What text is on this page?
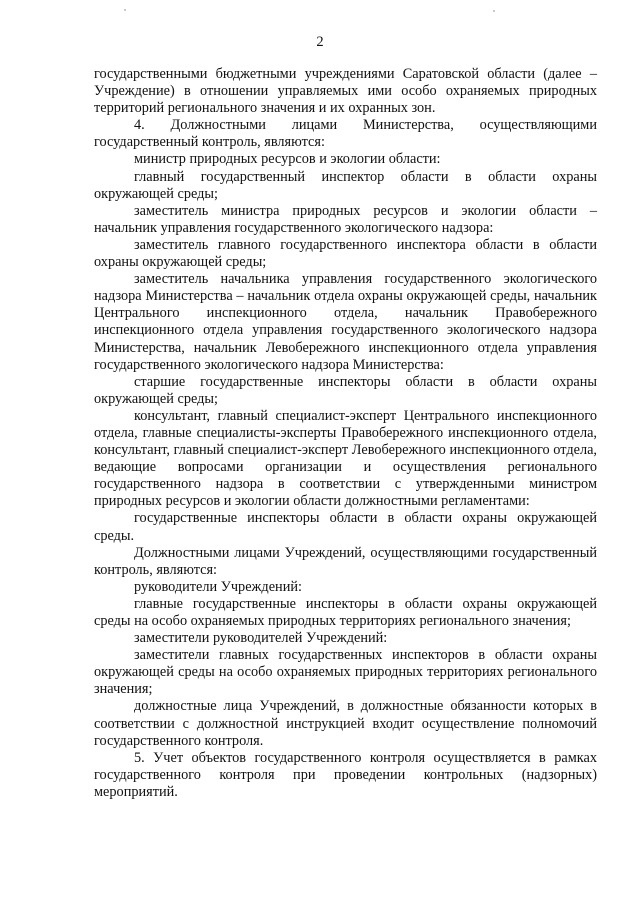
2

государственными бюджетными учреждениями Саратовской области (далее – Учреждение) в отношении управляемых ими особо охраняемых природных территорий регионального значения и их охранных зон.

4. Должностными лицами Министерства, осуществляющими государственный контроль, являются:

министр природных ресурсов и экологии области:

главный государственный инспектор области в области охраны окружающей среды;

заместитель министра природных ресурсов и экологии области – начальник управления государственного экологического надзора:

заместитель главного государственного инспектора области в области охраны окружающей среды;

заместитель начальника управления государственного экологического надзора Министерства – начальник отдела охраны окружающей среды, начальник Центрального инспекционного отдела, начальник Правобережного инспекционного отдела управления государственного экологического надзора Министерства, начальник Левобережного инспекционного отдела управления государственного экологического надзора Министерства:

старшие государственные инспекторы области в области охраны окружающей среды;

консультант, главный специалист-эксперт Центрального инспекционного отдела, главные специалисты-эксперты Правобережного инспекционного отдела, консультант, главный специалист-эксперт Левобережного инспекционного отдела, ведающие вопросами организации и осуществления регионального государственного надзора в соответствии с утвержденными министром природных ресурсов и экологии области должностными регламентами:

государственные инспекторы области в области охраны окружающей среды.

Должностными лицами Учреждений, осуществляющими государственный контроль, являются:

руководители Учреждений:

главные государственные инспекторы в области охраны окружающей среды на особо охраняемых природных территориях регионального значения;

заместители руководителей Учреждений:

заместители главных государственных инспекторов в области охраны окружающей среды на особо охраняемых природных территориях регионального значения;

должностные лица Учреждений, в должностные обязанности которых в соответствии с должностной инструкцией входит осуществление полномочий государственного контроля.

5. Учет объектов государственного контроля осуществляется в рамках государственного контроля при проведении контрольных (надзорных) мероприятий.
